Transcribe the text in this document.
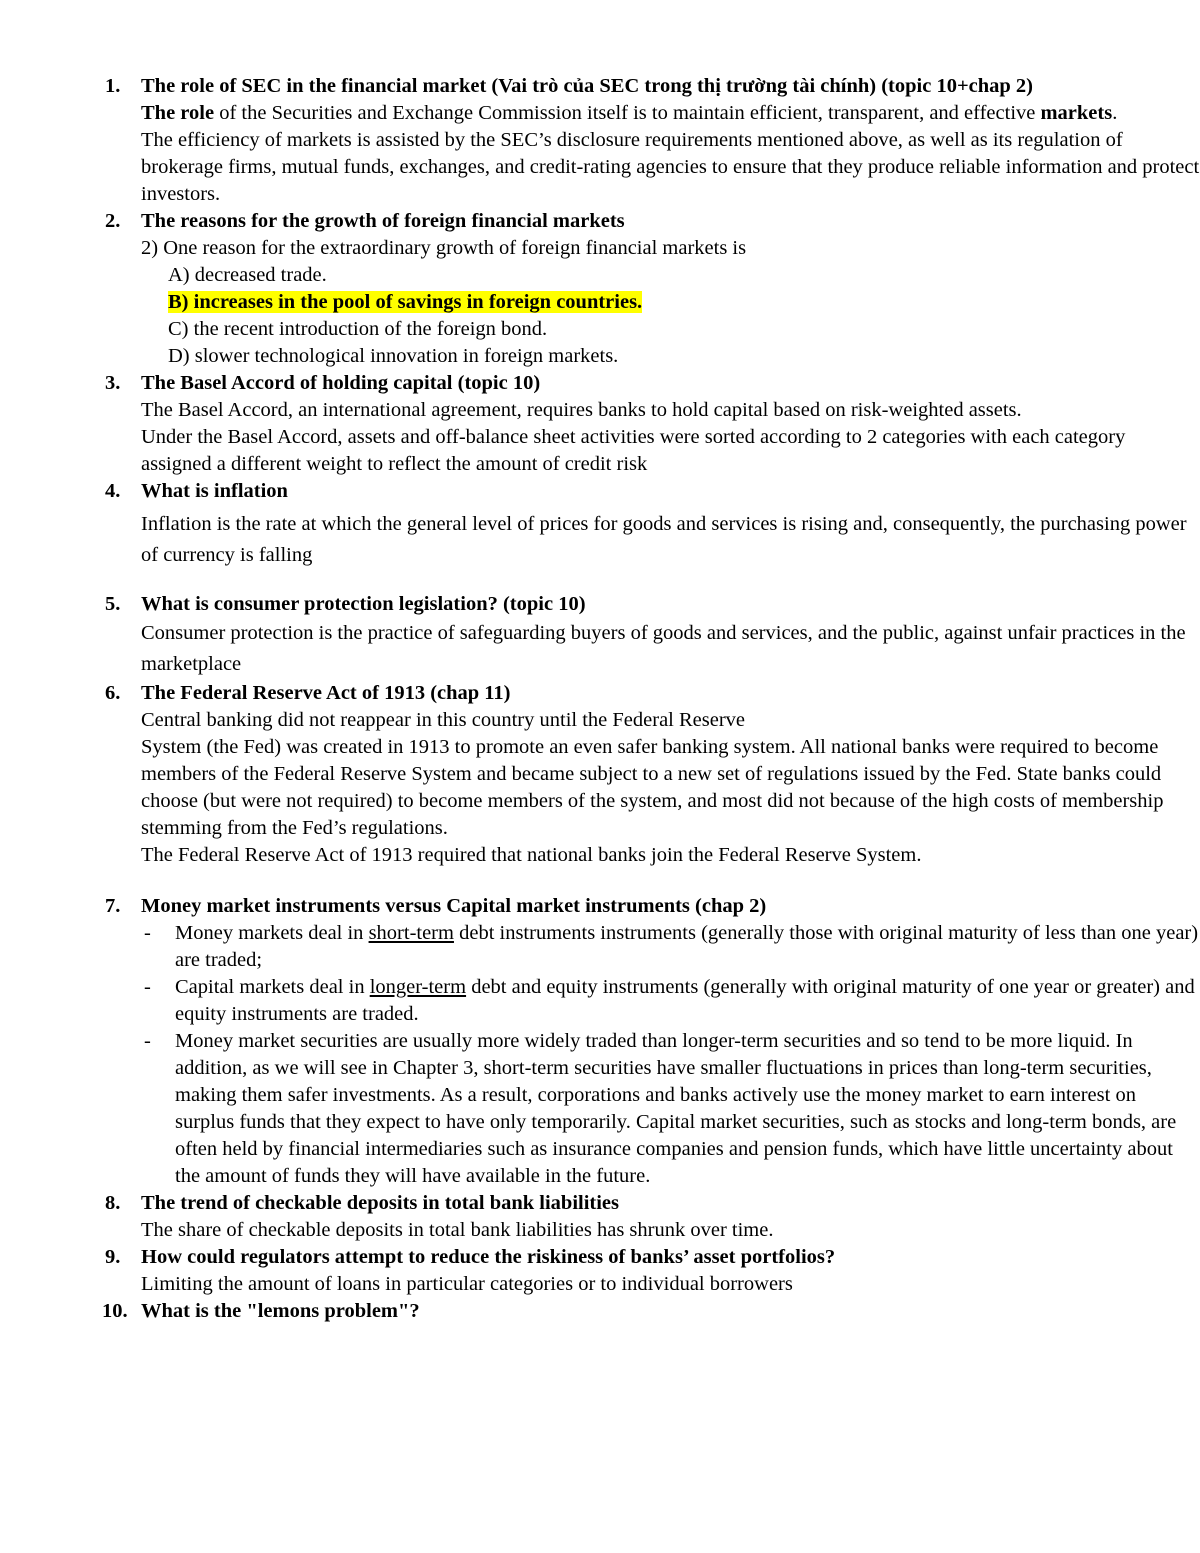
1. The role of SEC in the financial market (Vai trò của SEC trong thị trường tài chính) (topic 10+chap 2)
The role of the Securities and Exchange Commission itself is to maintain efficient, transparent, and effective markets.
The efficiency of markets is assisted by the SEC’s disclosure requirements mentioned above, as well as its regulation of brokerage firms, mutual funds, exchanges, and credit-rating agencies to ensure that they produce reliable information and protect investors.
2. The reasons for the growth of foreign financial markets
2) One reason for the extraordinary growth of foreign financial markets is
A) decreased trade.
B) increases in the pool of savings in foreign countries.
C) the recent introduction of the foreign bond.
D) slower technological innovation in foreign markets.
3. The Basel Accord of holding capital (topic 10)
The Basel Accord, an international agreement, requires banks to hold capital based on risk-weighted assets.
Under the Basel Accord, assets and off-balance sheet activities were sorted according to 2 categories with each category assigned a different weight to reflect the amount of credit risk
4. What is inflation
Inflation is the rate at which the general level of prices for goods and services is rising and, consequently, the purchasing power of currency is falling
5. What is consumer protection legislation? (topic 10)
Consumer protection is the practice of safeguarding buyers of goods and services, and the public, against unfair practices in the marketplace
6. The Federal Reserve Act of 1913 (chap 11)
Central banking did not reappear in this country until the Federal Reserve
System (the Fed) was created in 1913 to promote an even safer banking system. All national banks were required to become members of the Federal Reserve System and became subject to a new set of regulations issued by the Fed. State banks could choose (but were not required) to become members of the system, and most did not because of the high costs of membership stemming from the Fed’s regulations.
The Federal Reserve Act of 1913 required that national banks join the Federal Reserve System.
7. Money market instruments versus Capital market instruments (chap 2)
- Money markets deal in short-term debt instruments instruments (generally those with original maturity of less than one year) are traded;
- Capital markets deal in longer-term debt and equity instruments (generally with original maturity of one year or greater) and equity instruments are traded.
- Money market securities are usually more widely traded than longer-term securities and so tend to be more liquid. In addition, as we will see in Chapter 3, short-term securities have smaller fluctuations in prices than long-term securities, making them safer investments. As a result, corporations and banks actively use the money market to earn interest on surplus funds that they expect to have only temporarily. Capital market securities, such as stocks and long-term bonds, are often held by financial intermediaries such as insurance companies and pension funds, which have little uncertainty about the amount of funds they will have available in the future.
8. The trend of checkable deposits in total bank liabilities
The share of checkable deposits in total bank liabilities has shrunk over time.
9. How could regulators attempt to reduce the riskiness of banks’ asset portfolios?
Limiting the amount of loans in particular categories or to individual borrowers
10. What is the "lemons problem"?
